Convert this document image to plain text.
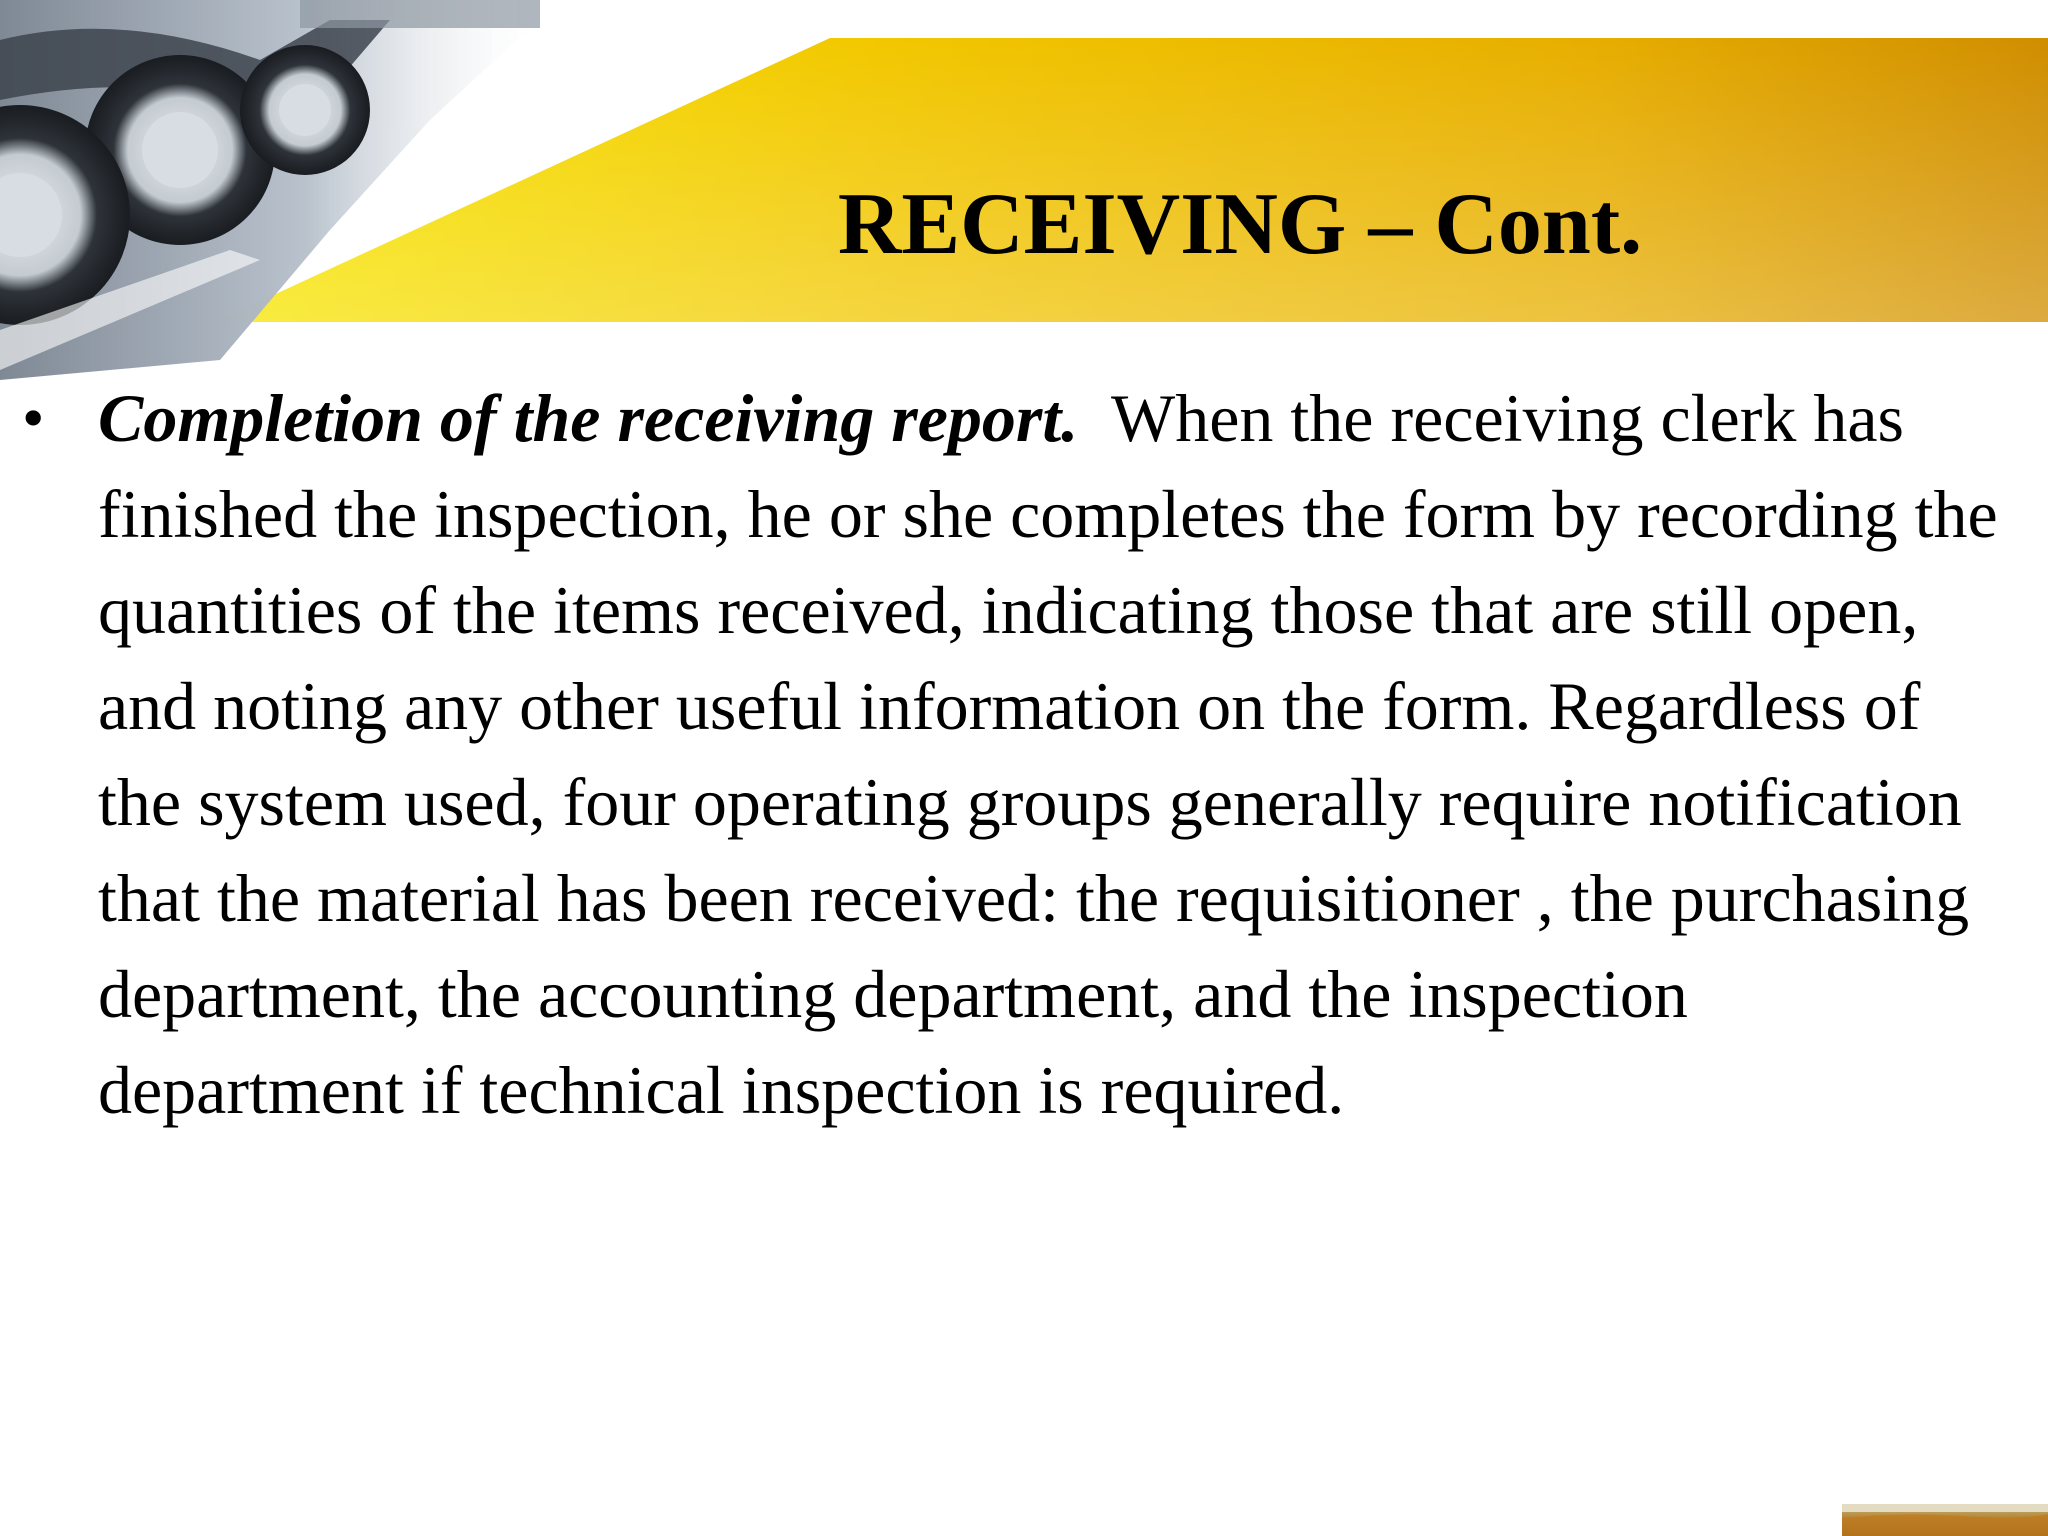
RECEIVING – Cont.
• Completion of the receiving report. When the receiving clerk has finished the inspection, he or she completes the form by recording the quantities of the items received, indicating those that are still open, and noting any other useful information on the form. Regardless of the system used, four operating groups generally require notification that the material has been received: the requisitioner , the purchasing department, the accounting department, and the inspection department if technical inspection is required.
